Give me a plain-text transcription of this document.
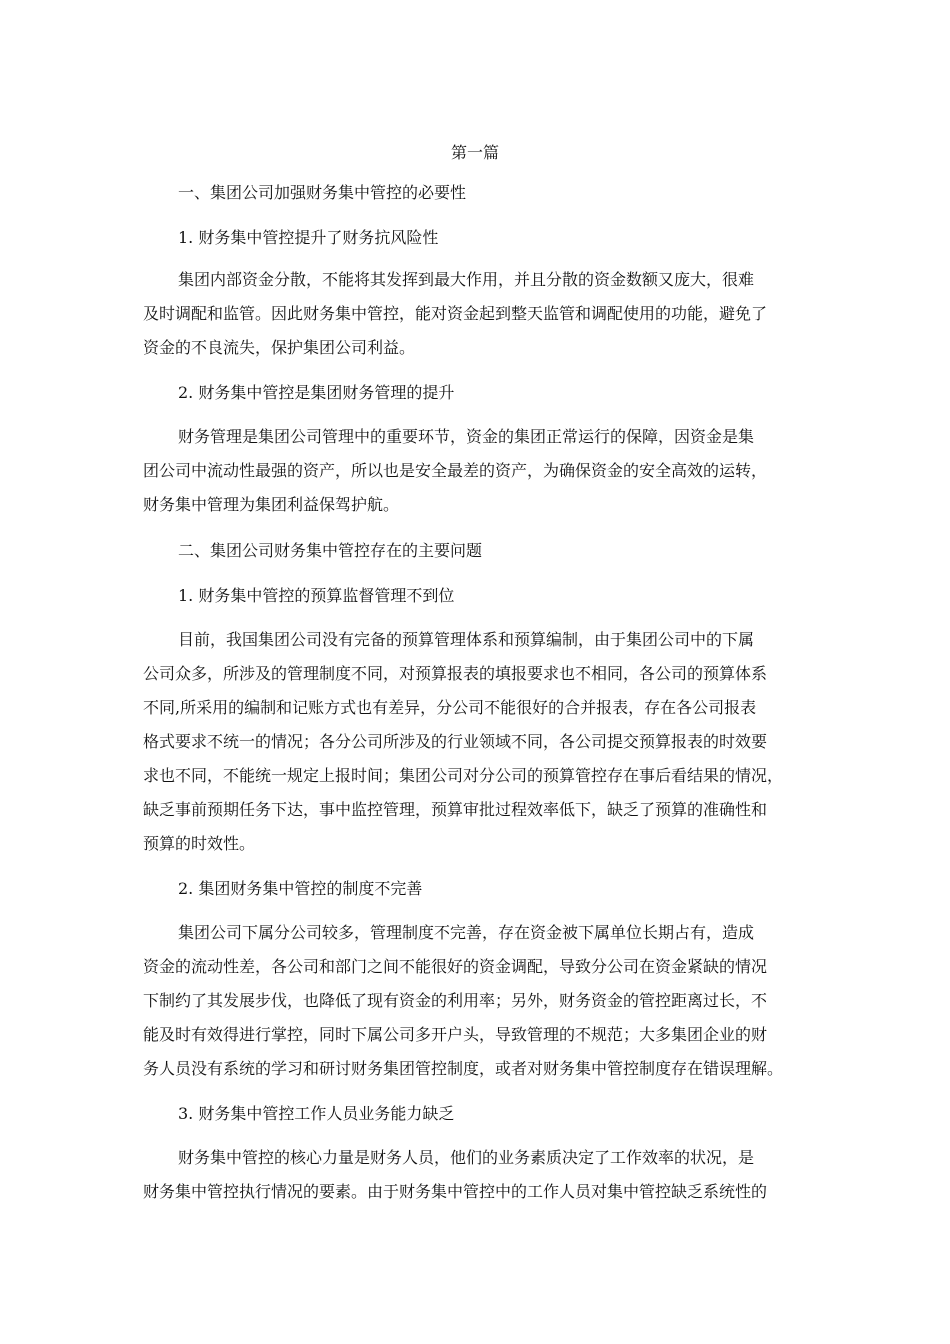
第一篇
一、集团公司加强财务集中管控的必要性
1. 财务集中管控提升了财务抗风险性
集团内部资金分散，不能将其发挥到最大作用，并且分散的资金数额又庞大，很难
及时调配和监管。因此财务集中管控，能对资金起到整天监管和调配使用的功能，避免了
资金的不良流失，保护集团公司利益。
2. 财务集中管控是集团财务管理的提升
财务管理是集团公司管理中的重要环节，资金的集团正常运行的保障，因资金是集
团公司中流动性最强的资产，所以也是安全最差的资产，为确保资金的安全高效的运转，
财务集中管理为集团利益保驾护航。
二、集团公司财务集中管控存在的主要问题
1. 财务集中管控的预算监督管理不到位
目前，我国集团公司没有完备的预算管理体系和预算编制，由于集团公司中的下属
公司众多，所涉及的管理制度不同，对预算报表的填报要求也不相同，各公司的预算体系
不同,所采用的编制和记账方式也有差异，分公司不能很好的合并报表，存在各公司报表
格式要求不统一的情况；各分公司所涉及的行业领域不同，各公司提交预算报表的时效要
求也不同，不能统一规定上报时间；集团公司对分公司的预算管控存在事后看结果的情况，
缺乏事前预期任务下达，事中监控管理，预算审批过程效率低下，缺乏了预算的准确性和
预算的时效性。
2. 集团财务集中管控的制度不完善
集团公司下属分公司较多，管理制度不完善，存在资金被下属单位长期占有，造成
资金的流动性差，各公司和部门之间不能很好的资金调配，导致分公司在资金紧缺的情况
下制约了其发展步伐，也降低了现有资金的利用率；另外，财务资金的管控距离过长，不
能及时有效得进行掌控，同时下属公司多开户头，导致管理的不规范；大多集团企业的财
务人员没有系统的学习和研讨财务集团管控制度，或者对财务集中管控制度存在错误理解。
3. 财务集中管控工作人员业务能力缺乏
财务集中管控的核心力量是财务人员，他们的业务素质决定了工作效率的状况，是
财务集中管控执行情况的要素。由于财务集中管控中的工作人员对集中管控缺乏系统性的
